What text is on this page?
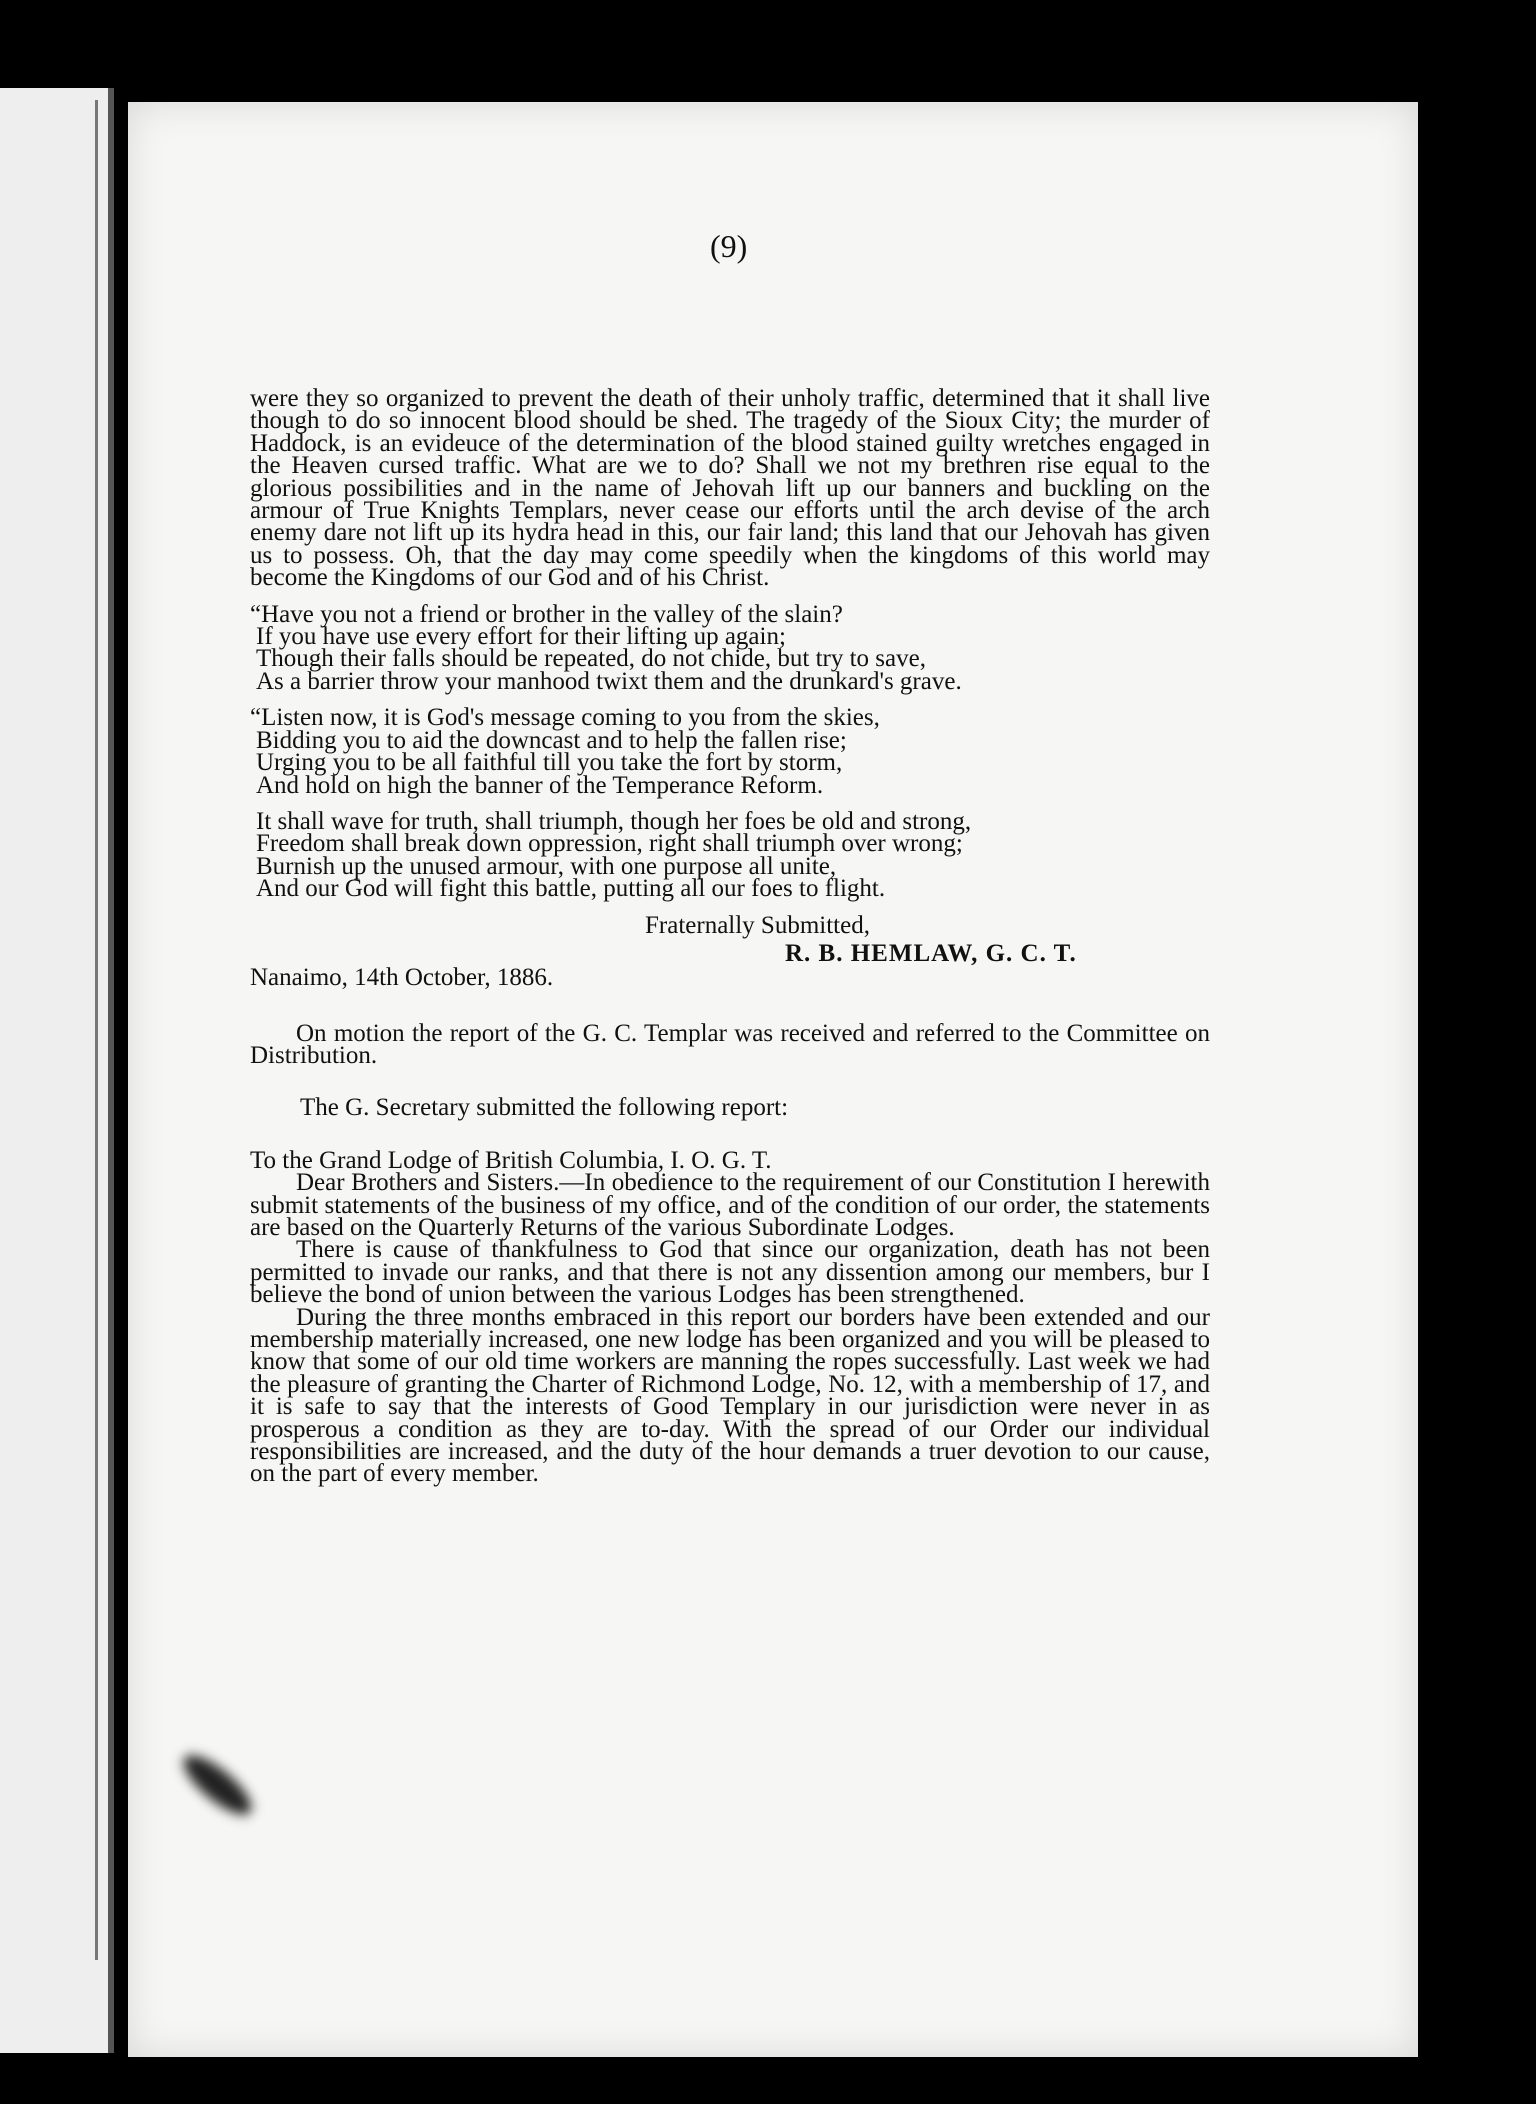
(9)

were they so organized to prevent the death of their unholy traffic, determined that it shall live though to do so innocent blood should be shed. The tragedy of the Sioux City; the murder of Haddock, is an evideuce of the determination of the blood stained guilty wretches engaged in the Heaven cursed traffic. What are we to do? Shall we not my brethren rise equal to the glorious possibilities and in the name of Jehovah lift up our banners and buckling on the armour of True Knights Templars, never cease our efforts until the arch devise of the arch enemy dare not lift up its hydra head in this, our fair land; this land that our Jehovah has given us to possess. Oh, that the day may come speedily when the kingdoms of this world may become the Kingdoms of our God and of his Christ.

“Have you not a friend or brother in the valley of the slain?
If you have use every effort for their lifting up again;
Though their falls should be repeated, do not chide, but try to save,
As a barrier throw your manhood twixt them and the drunkard's grave.
“Listen now, it is God's message coming to you from the skies,
Bidding you to aid the downcast and to help the fallen rise;
Urging you to be all faithful till you take the fort by storm,
And hold on high the banner of the Temperance Reform.
It shall wave for truth, shall triumph, though her foes be old and strong,
Freedom shall break down oppression, right shall triumph over wrong;
Burnish up the unused armour, with one purpose all unite,
And our God will fight this battle, putting all our foes to flight.
Fraternally Submitted,
R. B. HEMLAW, G. C. T.
Nanaimo, 14th October, 1886.

On motion the report of the G. C. Templar was received and referred to the Committee on Distribution.

The G. Secretary submitted the following report:

To the Grand Lodge of British Columbia, I. O. G. T.

Dear Brothers and Sisters.—In obedience to the requirement of our Constitution I herewith submit statements of the business of my office, and of the condition of our order, the statements are based on the Quarterly Returns of the various Subordinate Lodges.

There is cause of thankfulness to God that since our organization, death has not been permitted to invade our ranks, and that there is not any dissention among our members, bur I believe the bond of union between the various Lodges has been strengthened.

During the three months embraced in this report our borders have been extended and our membership materially increased, one new lodge has been organized and you will be pleased to know that some of our old time workers are manning the ropes successfully. Last week we had the pleasure of granting the Charter of Richmond Lodge, No. 12, with a membership of 17, and it is safe to say that the interests of Good Templary in our jurisdiction were never in as prosperous a condition as they are to-day. With the spread of our Order our individual responsibilities are increased, and the duty of the hour demands a truer devotion to our cause, on the part of every member.
